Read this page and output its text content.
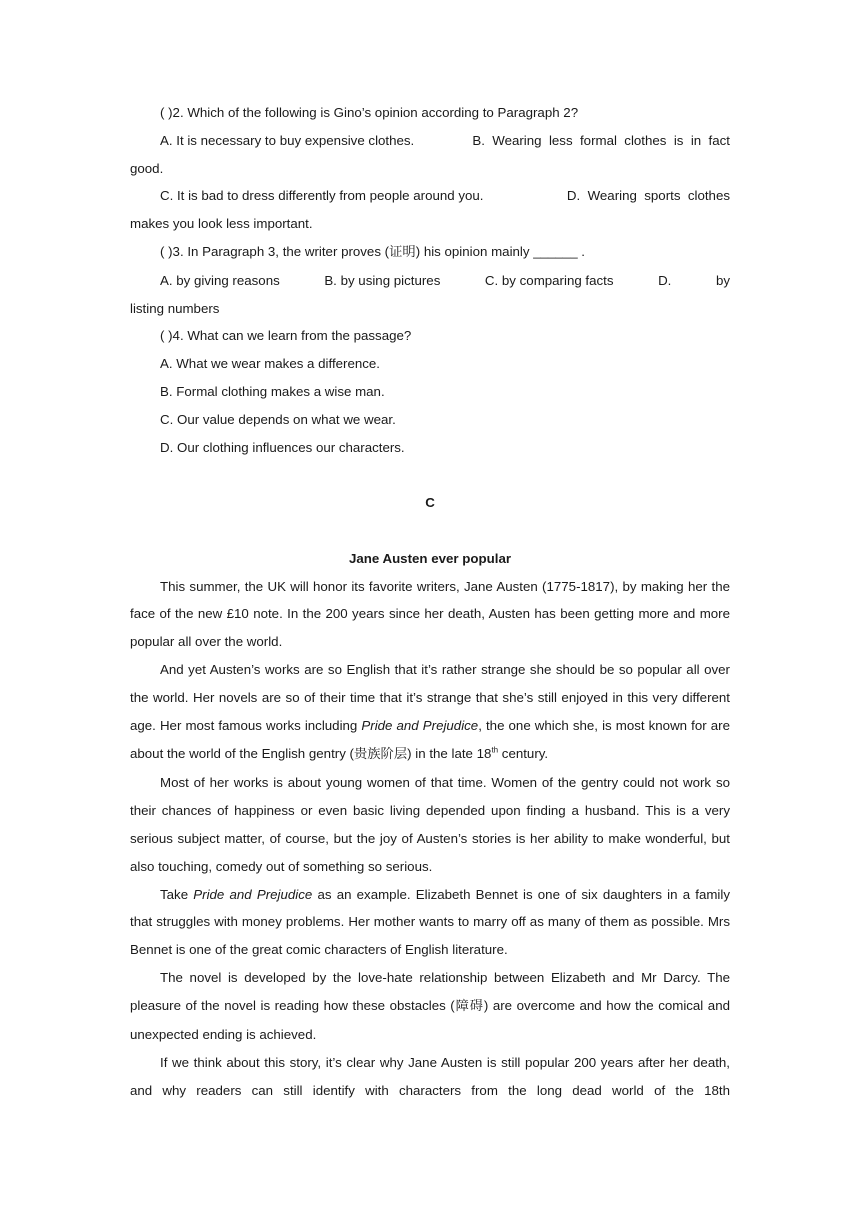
( )2. Which of the following is Gino’s opinion according to Paragraph 2?

A. It is necessary to buy expensive clothes.	B.  Wearing  less  formal  clothes  is  in  fact

good.

C. It is bad to dress differently from people around you.	D.  Wearing  sports  clothes

makes you look less important.

( )3. In Paragraph 3, the writer proves (证明) his opinion mainly ______ .

A. by giving reasons	B. by using pictures	C. by comparing facts	D.	by

listing numbers

( )4. What can we learn from the passage?

A. What we wear makes a difference.

B. Formal clothing makes a wise man.

C. Our value depends on what we wear.

D. Our clothing influences our characters.

C

Jane Austen ever popular

This summer, the UK will honor its favorite writers, Jane Austen (1775-1817), by making her the face of the new £10 note. In the 200 years since her death, Austen has been getting more and more popular all over the world.

And yet Austen’s works are so English that it’s rather strange she should be so popular all over the world. Her novels are so of their time that it’s strange that she’s still enjoyed in this very different age. Her most famous works including Pride and Prejudice, the one which she, is most known for are about the world of the English gentry (贵族阶层) in the late 18th century.

Most of her works is about young women of that time. Women of the gentry could not work so their chances of happiness or even basic living depended upon finding a husband. This is a very serious subject matter, of course, but the joy of Austen’s stories is her ability to make wonderful, but also touching, comedy out of something so serious.

Take Pride and Prejudice as an example. Elizabeth Bennet is one of six daughters in a family that struggles with money problems. Her mother wants to marry off as many of them as possible. Mrs Bennet is one of the great comic characters of English literature.

The novel is developed by the love-hate relationship between Elizabeth and Mr Darcy. The pleasure of the novel is reading how these obstacles (障碍) are overcome and how the comical and unexpected ending is achieved.

If we think about this story, it’s clear why Jane Austen is still popular 200 years after her death, and why readers can still identify with characters from the long dead world of the 18th
